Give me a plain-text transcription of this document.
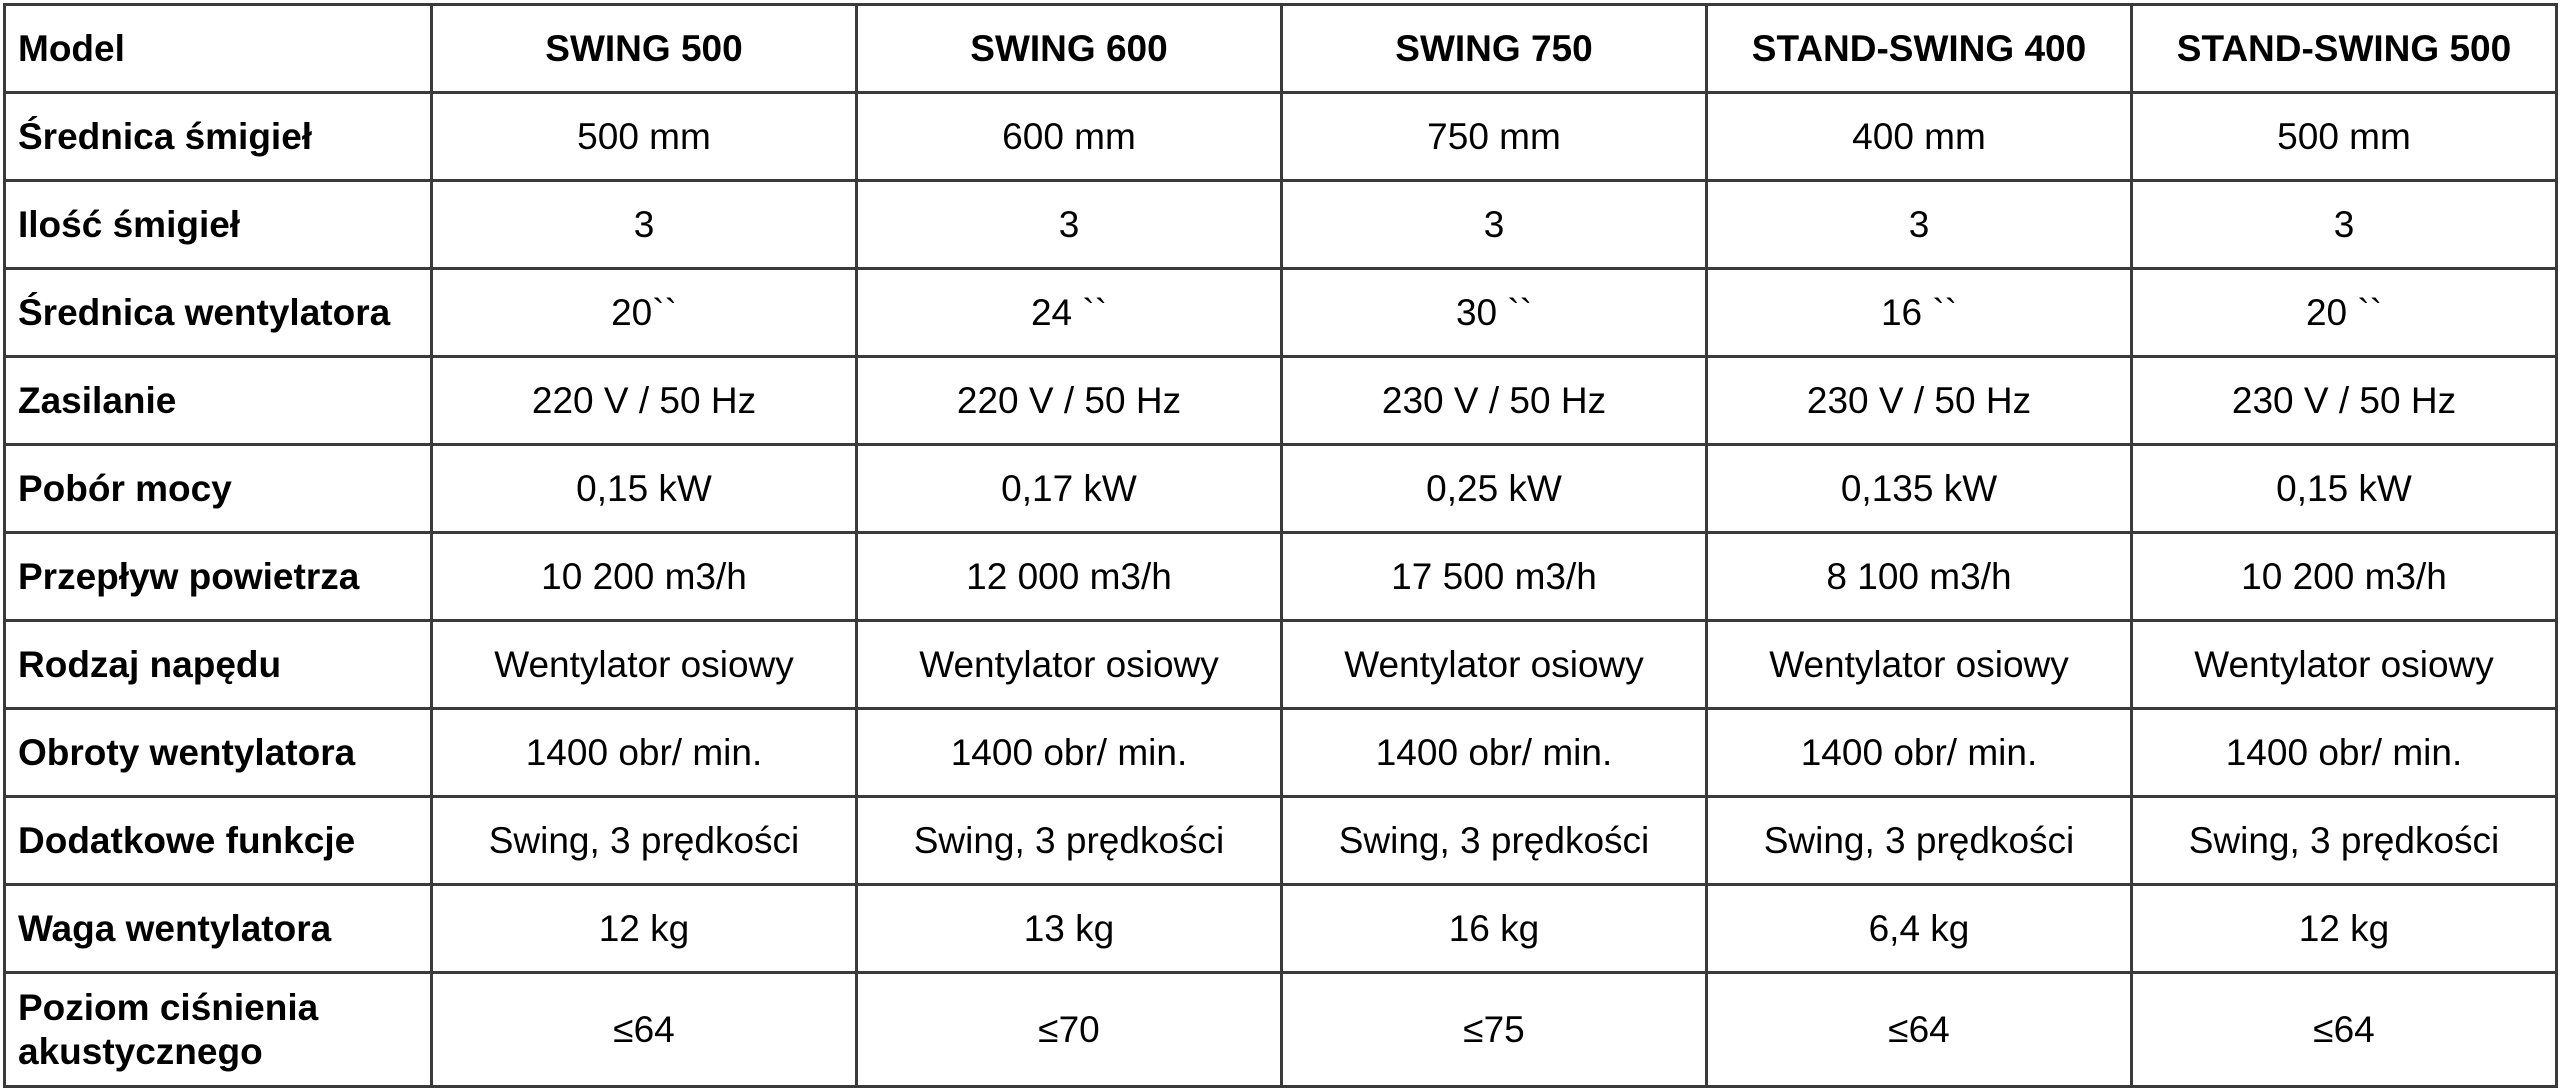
Model	SWING 500	SWING 600	SWING 750	STAND-SWING 400	STAND-SWING 500
Średnica śmigieł	500 mm	600 mm	750 mm	400 mm	500 mm
Ilość śmigieł	3	3	3	3	3
Średnica wentylatora	20``	24 ``	30 ``	16 ``	20 ``
Zasilanie	220 V / 50 Hz	220 V / 50 Hz	230 V / 50 Hz	230 V / 50 Hz	230 V / 50 Hz
Pobór mocy	0,15 kW	0,17 kW	0,25 kW	0,135 kW	0,15 kW
Przepływ powietrza	10 200 m3/h	12 000 m3/h	17 500 m3/h	8 100 m3/h	10 200 m3/h
Rodzaj napędu	Wentylator osiowy	Wentylator osiowy	Wentylator osiowy	Wentylator osiowy	Wentylator osiowy
Obroty wentylatora	1400 obr/ min.	1400 obr/ min.	1400 obr/ min.	1400 obr/ min.	1400 obr/ min.
Dodatkowe funkcje	Swing, 3 prędkości	Swing, 3 prędkości	Swing, 3 prędkości	Swing, 3 prędkości	Swing, 3 prędkości
Waga wentylatora	12 kg	13 kg	16 kg	6,4 kg	12 kg
Poziom ciśnienia akustycznego	≤64	≤70	≤75	≤64	≤64
